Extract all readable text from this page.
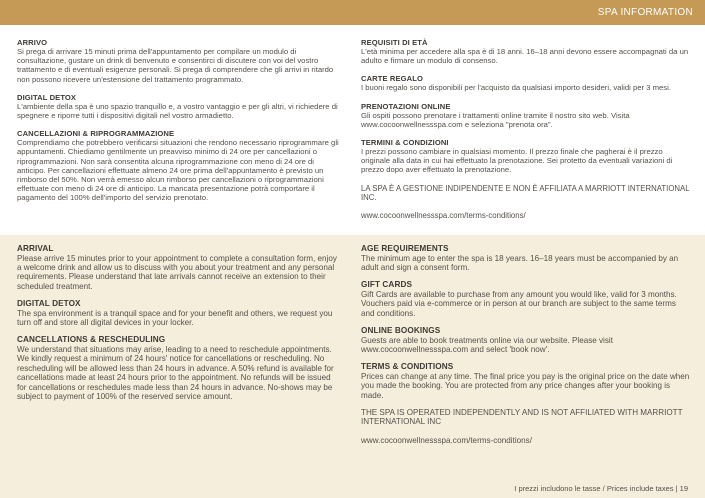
SPA INFORMATION
ARRIVO
Si prega di arrivare 15 minuti prima dell'appuntamento per compilare un modulo di consultazione, gustare un drink di benvenuto e consentirci di discutere con voi del vostro trattamento e di eventuali esigenze personali. Si prega di comprendere che gli arrivi in ritardo non possono ricevere un'estensione del trattamento programmato.
DIGITAL DETOX
L'ambiente della spa è uno spazio tranquillo e, a vostro vantaggio e per gli altri, vi richiedere di spegnere e riporre tutti i dispositivi digitali nel vostro armadietto.
CANCELLAZIONI & RIPROGRAMMAZIONE
Comprendiamo che potrebbero verificarsi situazioni che rendono necessario riprogrammare gli appuntamenti. Chiediamo gentilmente un preavviso minimo di 24 ore per cancellazioni o riprogrammazioni. Non sarà consentita alcuna riprogrammazione con meno di 24 ore di anticipo. Per cancellazioni effettuate almeno 24 ore prima dell'appuntamento è previsto un rimborso del 50%. Non verrà emesso alcun rimborso per cancellazioni o riprogrammazioni effettuate con meno di 24 ore di anticipo. La mancata presentazione potrà comportare il pagamento del 100% dell'importo del servizio prenotato.
REQUISITI DI ETÀ
L'età minima per accedere alla spa è di 18 anni. 16–18 anni devono essere accompagnati da un adulto e firmare un modulo di consenso.
CARTE REGALO
I buoni regalo sono disponibili per l'acquisto da qualsiasi importo desideri, validi per 3 mesi.
PRENOTAZIONI ONLINE
Gli ospiti possono prenotare i trattamenti online tramite il nostro sito web. Visita www.cocoonwellnessspa.com e seleziona "prenota ora".
TERMINI & CONDIZIONI
I prezzi possono cambiare in qualsiasi momento. Il prezzo finale che pagherai è il prezzo originale alla data in cui hai effettuato la prenotazione. Sei protetto da eventuali variazioni di prezzo dopo aver effettuato la prenotazione.
LA SPA È A GESTIONE INDIPENDENTE E NON È AFFILIATA A MARRIOTT INTERNATIONAL INC.
www.cocoonwellnessspa.com/terms-conditions/
ARRIVAL
Please arrive 15 minutes prior to your appointment to complete a consultation form, enjoy a welcome drink and allow us to discuss with you about your treatment and any personal requirements. Please understand that late arrivals cannot receive an extension to their scheduled treatment.
DIGITAL DETOX
The spa environment is a tranquil space and for your benefit and others, we request you turn off and store all digital devices in your locker.
CANCELLATIONS & RESCHEDULING
We understand that situations may arise, leading to a need to reschedule appointments. We kindly request a minimum of 24 hours' notice for cancellations or rescheduling. No rescheduling will be allowed less than 24 hours in advance. A 50% refund is available for cancellations made at least 24 hours prior to the appointment. No refunds will be issued for cancellations or reschedules made less than 24 hours in advance. No-shows may be subject to payment of 100% of the reserved service amount.
AGE REQUIREMENTS
The minimum age to enter the spa is 18 years. 16–18 years must be accompanied by an adult and sign a consent form.
GIFT CARDS
Gift Cards are available to purchase from any amount you would like, valid for 3 months. Vouchers paid via e-commerce or in person at our branch are subject to the same terms and conditions.
ONLINE BOOKINGS
Guests are able to book treatments online via our website. Please visit www.cocoonwellnessspa.com and select 'book now'.
TERMS & CONDITIONS
Prices can change at any time. The final price you pay is the original price on the date when you made the booking. You are protected from any price changes after your booking is made.
THE SPA IS OPERATED INDEPENDENTLY AND IS NOT AFFILIATED WITH MARRIOTT INTERNATIONAL INC
www.cocoonwellnessspa.com/terms-conditions/
I prezzi includono le tasse / Prices include taxes | 19
